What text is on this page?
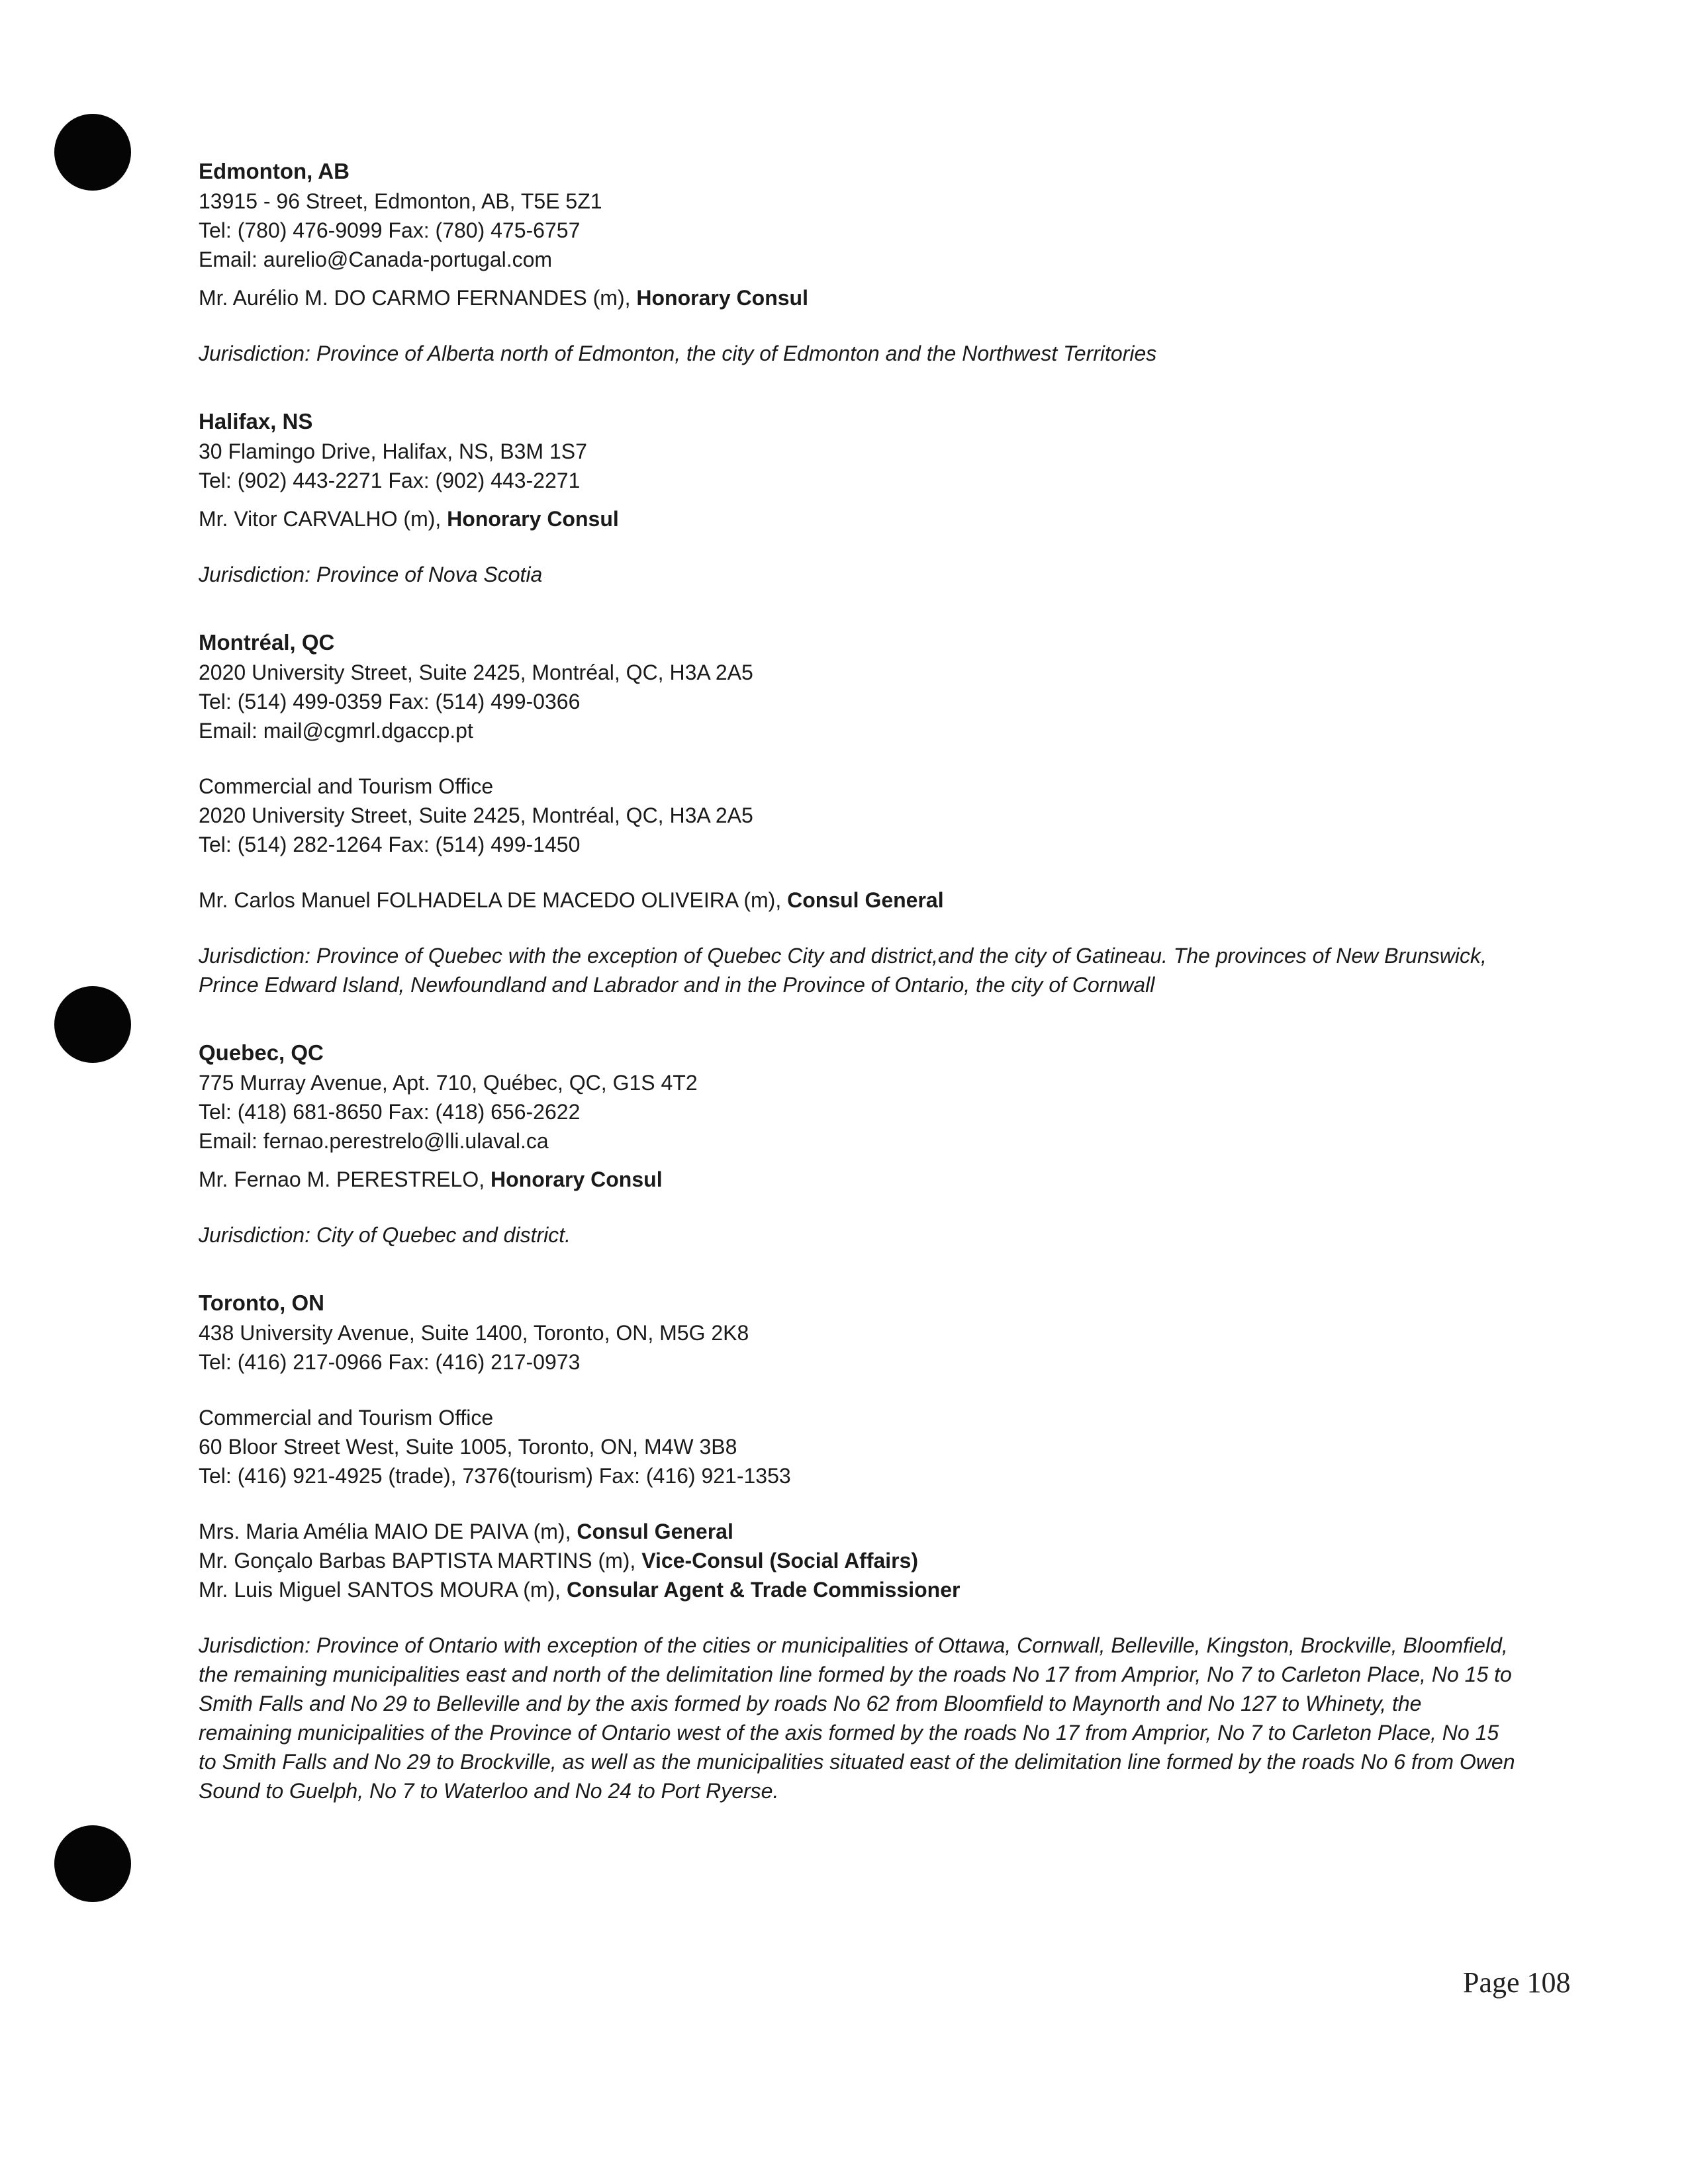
Edmonton, AB
13915 - 96 Street, Edmonton, AB, T5E 5Z1
Tel: (780) 476-9099 Fax: (780) 475-6757
Email: aurelio@Canada-portugal.com
Mr. Aurélio M. DO CARMO FERNANDES (m), Honorary Consul
Jurisdiction: Province of Alberta north of Edmonton, the city of Edmonton and the Northwest Territories
Halifax, NS
30 Flamingo Drive, Halifax, NS, B3M 1S7
Tel: (902) 443-2271 Fax: (902) 443-2271
Mr. Vitor CARVALHO (m), Honorary Consul
Jurisdiction: Province of Nova Scotia
Montréal, QC
2020 University Street, Suite 2425, Montréal, QC, H3A 2A5
Tel: (514) 499-0359 Fax: (514) 499-0366
Email: mail@cgmrl.dgaccp.pt
Commercial and Tourism Office
2020 University Street, Suite 2425, Montréal, QC, H3A 2A5
Tel: (514) 282-1264 Fax: (514) 499-1450
Mr. Carlos Manuel FOLHADELA DE MACEDO OLIVEIRA (m), Consul General
Jurisdiction: Province of Quebec with the exception of Quebec City and district,and the city of Gatineau. The provinces of New Brunswick, Prince Edward Island, Newfoundland and Labrador and in the Province of Ontario, the city of Cornwall
Quebec, QC
775 Murray Avenue, Apt. 710, Québec, QC, G1S 4T2
Tel: (418) 681-8650 Fax: (418) 656-2622
Email: fernao.perestrelo@lli.ulaval.ca
Mr. Fernao M. PERESTRELO, Honorary Consul
Jurisdiction: City of Quebec and district.
Toronto, ON
438 University Avenue, Suite 1400, Toronto, ON, M5G 2K8
Tel: (416) 217-0966 Fax: (416) 217-0973
Commercial and Tourism Office
60 Bloor Street West, Suite 1005, Toronto, ON, M4W 3B8
Tel: (416) 921-4925 (trade), 7376(tourism) Fax: (416) 921-1353
Mrs. Maria Amélia MAIO DE PAIVA (m), Consul General
Mr. Gonçalo Barbas BAPTISTA MARTINS (m), Vice-Consul (Social Affairs)
Mr. Luis Miguel SANTOS MOURA (m), Consular Agent & Trade Commissioner
Jurisdiction: Province of Ontario with exception of the cities or municipalities of Ottawa, Cornwall, Belleville, Kingston, Brockville, Bloomfield, the remaining municipalities east and north of the delimitation line formed by the roads No 17 from Amprior, No 7 to Carleton Place, No 15 to Smith Falls and No 29 to Belleville and by the axis formed by roads No 62 from Bloomfield to Maynorth and No 127 to Whinety, the remaining municipalities of the Province of Ontario west of the axis formed by the roads No 17 from Amprior, No 7 to Carleton Place, No 15 to Smith Falls and No 29 to Brockville, as well as the municipalities situated east of the delimitation line formed by the roads No 6 from Owen Sound to Guelph, No 7 to Waterloo and No 24 to Port Ryerse.
Page 108
